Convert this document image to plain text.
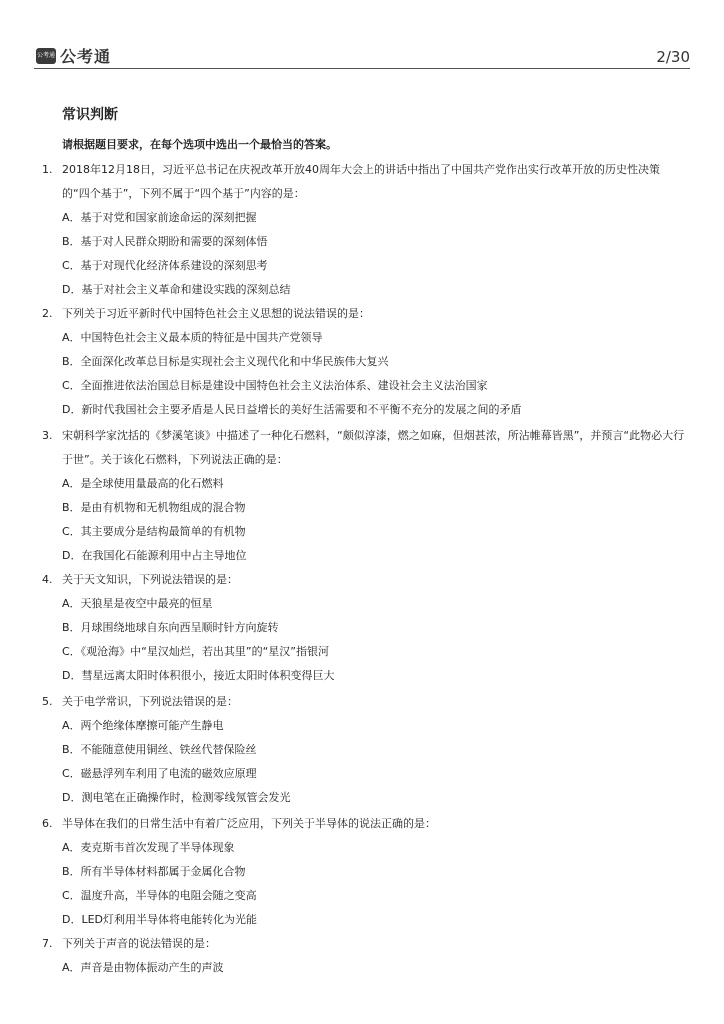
公考通 公考通	2/30
常识判断
请根据题目要求，在每个选项中选出一个最恰当的答案。
1. 2018年12月18日，习近平总书记在庆祝改革开放40周年大会上的讲话中指出了中国共产党作出实行改革开放的历史性决策的“四个基于”，下列不属于“四个基于”内容的是：
A．基于对党和国家前途命运的深刻把握
B．基于对人民群众期盼和需要的深刻体悟
C．基于对现代化经济体系建设的深刻思考
D．基于对社会主义革命和建设实践的深刻总结
2. 下列关于习近平新时代中国特色社会主义思想的说法错误的是：
A．中国特色社会主义最本质的特征是中国共产党领导
B．全面深化改革总目标是实现社会主义现代化和中华民族伟大复兴
C．全面推进依法治国总目标是建设中国特色社会主义法治体系、建设社会主义法治国家
D．新时代我国社会主要矛盾是人民日益增长的美好生活需要和不平衡不充分的发展之间的矛盾
3. 宋朝科学家沈括的《梦溪笔谈》中描述了一种化石燃料，“颇似淳漆，燃之如麻，但烟甚浓，所沾帷幕皆黑”，并预言“此物必大行于世”。关于该化石燃料，下列说法正确的是：
A．是全球使用量最高的化石燃料
B．是由有机物和无机物组成的混合物
C．其主要成分是结构最简单的有机物
D．在我国化石能源利用中占主导地位
4. 关于天文知识，下列说法错误的是：
A．天狼星是夜空中最亮的恒星
B．月球围绕地球自东向西呈顺时针方向旋转
C．《观沧海》中“星汉灿烂，若出其里”的“星汉”指银河
D．彗星远离太阳时体积很小，接近太阳时体积变得巨大
5. 关于电学常识，下列说法错误的是：
A．两个绝缘体摩擦可能产生静电
B．不能随意使用铜丝、铁丝代替保险丝
C．磁悬浮列车利用了电流的磁效应原理
D．测电笔在正确操作时，检测零线氖管会发光
6. 半导体在我们的日常生活中有着广泛应用，下列关于半导体的说法正确的是：
A．麦克斯韦首次发现了半导体现象
B．所有半导体材料都属于金属化合物
C．温度升高，半导体的电阻会随之变高
D．LED灯利用半导体将电能转化为光能
7. 下列关于声音的说法错误的是：
A．声音是由物体振动产生的声波
